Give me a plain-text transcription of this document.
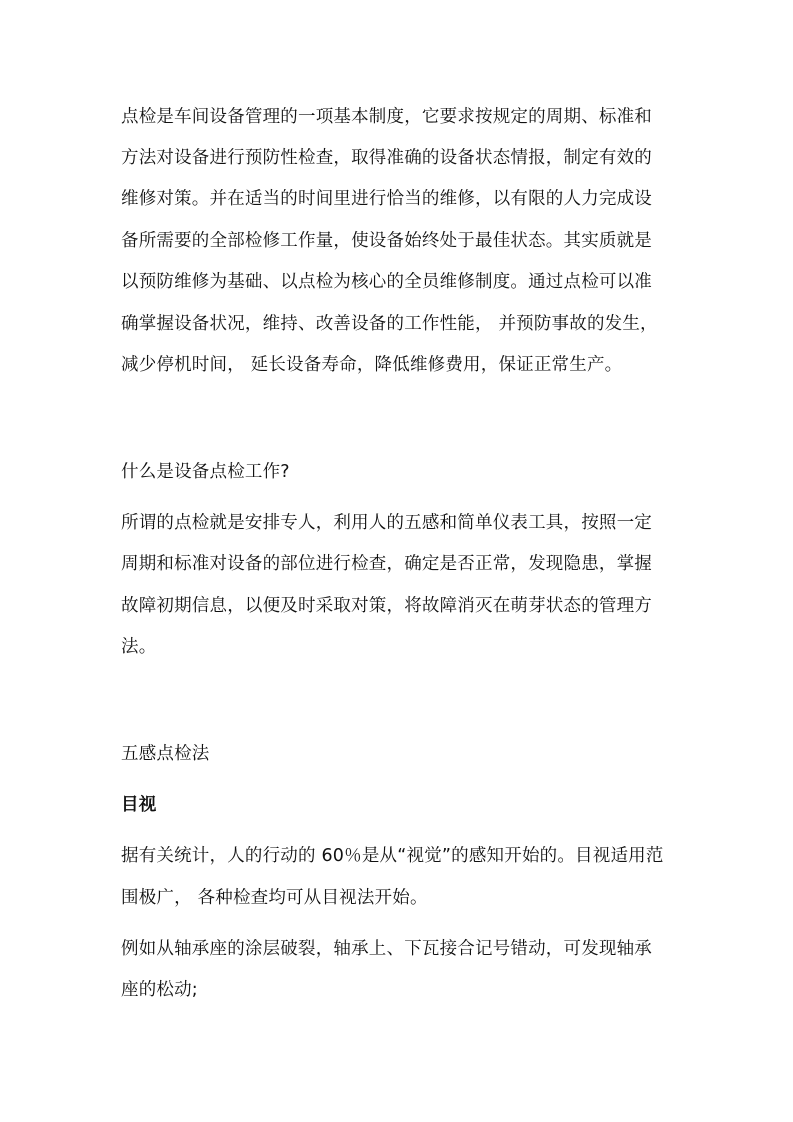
点检是车间设备管理的一项基本制度，它要求按规定的周期、标准和
方法对设备进行预防性检查，取得准确的设备状态情报，制定有效的
维修对策。并在适当的时间里进行恰当的维修，以有限的人力完成设
备所需要的全部检修工作量，使设备始终处于最佳状态。其实质就是
以预防维修为基础、以点检为核心的全员维修制度。通过点检可以准
确掌握设备状况，维持、改善设备的工作性能， 并预防事故的发生，
减少停机时间， 延长设备寿命，降低维修费用，保证正常生产。
什么是设备点检工作?
所谓的点检就是安排专人，利用人的五感和简单仪表工具，按照一定
周期和标准对设备的部位进行检查，确定是否正常，发现隐患，掌握
故障初期信息，以便及时采取对策，将故障消灭在萌芽状态的管理方
法。
五感点检法
目视
据有关统计，人的行动的 60％是从“视觉”的感知开始的。目视适用范
围极广， 各种检查均可从目视法开始。
例如从轴承座的涂层破裂，轴承上、下瓦接合记号错动，可发现轴承
座的松动;
